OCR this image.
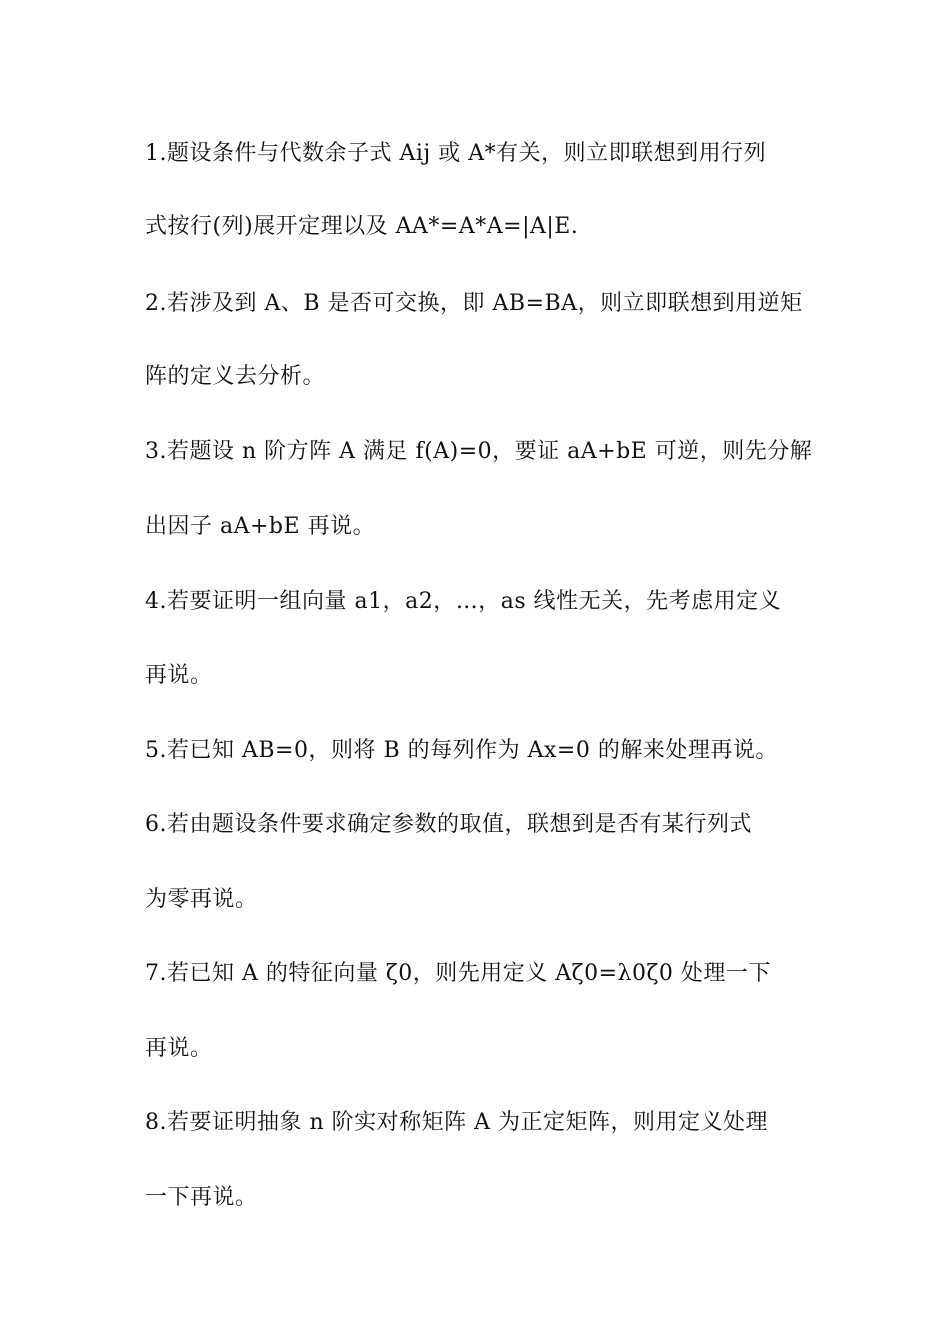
1.题设条件与代数余子式 Aij 或 A*有关，则立即联想到用行列
式按行(列)展开定理以及 AA*=A*A=|A|E.
2.若涉及到 A、B 是否可交换，即 AB=BA，则立即联想到用逆矩
阵的定义去分析。
3.若题设 n 阶方阵 A 满足 f(A)=0，要证 aA+bE 可逆，则先分解
出因子 aA+bE 再说。
4.若要证明一组向量 a1，a2，…，as 线性无关，先考虑用定义
再说。
5.若已知 AB=0，则将 B 的每列作为 Ax=0 的解来处理再说。
6.若由题设条件要求确定参数的取值，联想到是否有某行列式
为零再说。
7.若已知 A 的特征向量 ζ0，则先用定义 Aζ0=λ0ζ0 处理一下
再说。
8.若要证明抽象 n 阶实对称矩阵 A 为正定矩阵，则用定义处理
一下再说。
